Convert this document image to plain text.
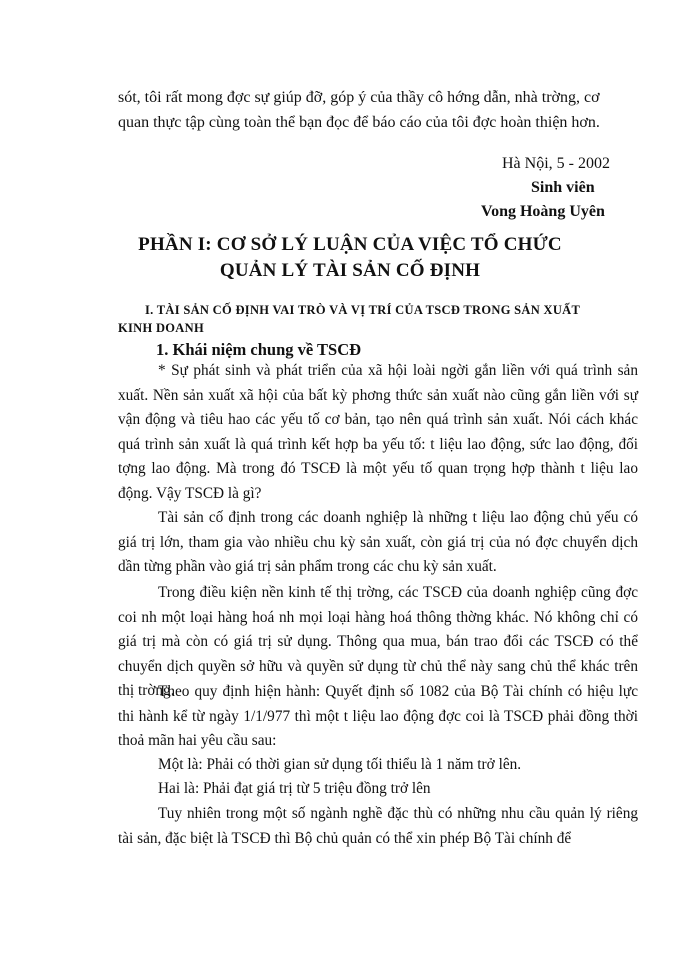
sót, tôi rất mong đợc sự giúp đỡ, góp ý của thầy cô hớng dẫn, nhà trờng, cơ
quan thực tập cùng toàn thể bạn đọc để báo cáo của tôi đợc hoàn thiện hơn.
Hà Nội, 5 - 2002
Sinh viên
Vong Hoàng Uyên
PHẦN I: CƠ SỞ LÝ LUẬN CỦA VIỆC TỔ CHỨC
QUẢN LÝ TÀI SẢN CỐ ĐỊNH
I. TÀI SẢN CỐ ĐỊNH VAI TRÒ VÀ VỊ TRÍ CỦA TSCĐ TRONG SẢN XUẤT
KINH DOANH
1. Khái niệm chung về TSCĐ

* Sự phát sinh và phát triển của xã hội loài ngời gắn liền với quá trình sản xuất. Nền sản xuất xã hội của bất kỳ phơng thức sản xuất nào cũng gắn liền với sự vận động và tiêu hao các yếu tố cơ bản, tạo nên quá trình sản xuất. Nói cách khác quá trình sản xuất là quá trình kết hợp ba yếu tố: t liệu lao động, sức lao động, đối tợng lao động. Mà trong đó TSCĐ là một yếu tố quan trọng hợp thành t liệu lao động. Vậy TSCĐ là gì?

Tài sản cố định trong các doanh nghiệp là những t liệu lao động chủ yếu có giá trị lớn, tham gia vào nhiều chu kỳ sản xuất, còn giá trị của nó đợc chuyển dịch dần từng phần vào giá trị sản phẩm trong các chu kỳ sản xuất.

Trong điều kiện nền kinh tế thị trờng, các TSCĐ của doanh nghiệp cũng đợc coi nh một loại hàng hoá nh mọi loại hàng hoá thông thờng khác. Nó không chỉ có giá trị mà còn có giá trị sử dụng. Thông qua mua, bán trao đổi các TSCĐ có thể chuyển dịch quyền sở hữu và quyền sử dụng từ chủ thể này sang chủ thể khác trên thị trờng.

Theo quy định hiện hành: Quyết định số 1082 của Bộ Tài chính có hiệu lực thi hành kể từ ngày 1/1/977 thì một t liệu lao động đợc coi là TSCĐ phải đồng thời thoả mãn hai yêu cầu sau:

Một là: Phải có thời gian sử dụng tối thiểu là 1 năm trở lên.

Hai là: Phải đạt giá trị từ 5 triệu đồng trở lên

Tuy nhiên trong một số ngành nghề đặc thù có những nhu cầu quản lý riêng tài sản, đặc biệt là TSCĐ thì Bộ chủ quản có thể xin phép Bộ Tài chính để
